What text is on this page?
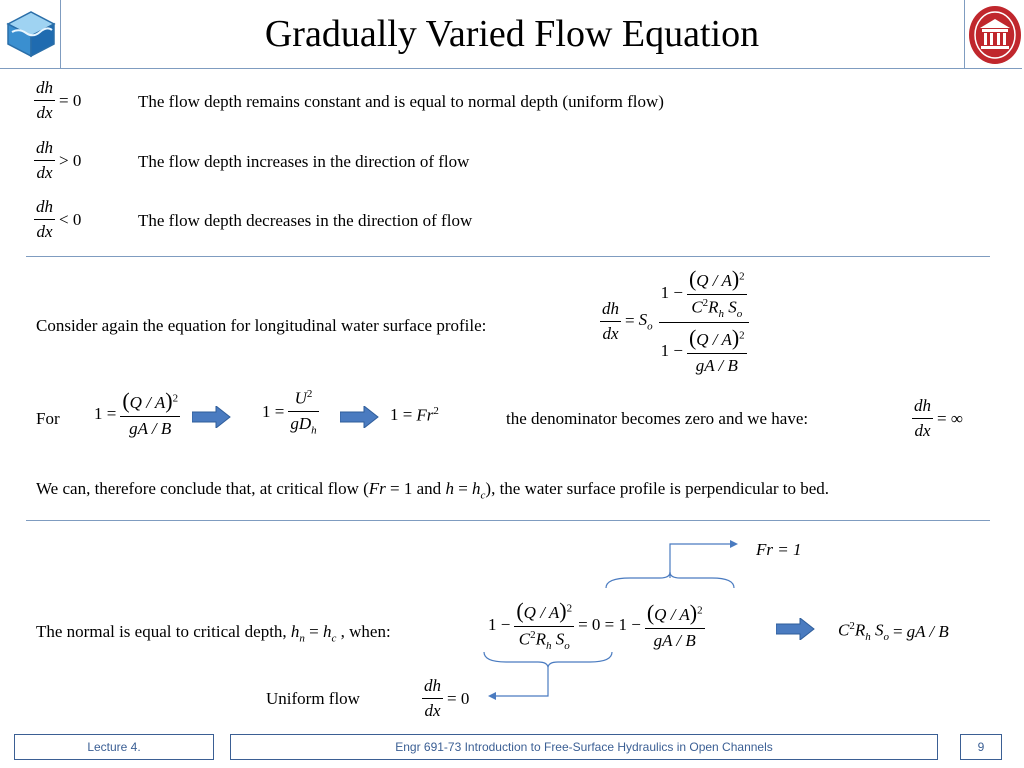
Gradually Varied Flow Equation
$\frac{dh}{dx} = 0$	The flow depth remains constant and is equal to normal depth (uniform flow)
$\frac{dh}{dx} > 0$	The flow depth increases in the direction of flow
$\frac{dh}{dx} < 0$	The flow depth decreases in the direction of flow
Consider again the equation for longitudinal water surface profile:	$\frac{dh}{dx} = S_o \frac{1 - \frac{(Q / A)^2}{C^2R_h S_o}}{1 - \frac{(Q / A)^2}{gA / B}}$
For $1 = \frac{(Q / A)^2}{gA / B}$	$1 = \frac{U^2}{gD_h}$	$1 = Fr^2$	the denominator becomes zero and we have:	$\frac{dh}{dx}$ = ∞
We can, therefore conclude that, at critical flow (Fr = 1 and $h = h_c$), the water surface profile is perpendicular to bed.
Fr = 1
The normal is equal to critical depth, $h_n = h_c$ , when:	$1 - \frac{(Q / A)^2}{C^2R_h S_o} = 0 = 1 - \frac{(Q / A)^2}{gA / B}$	$C^2R_h$ $S_o$ = gA / B
Uniform flow	$\frac{dh}{dx} = 0$
Lecture 4.	Engr 691-73 Introduction to Free-Surface Hydraulics in Open Channels	9
